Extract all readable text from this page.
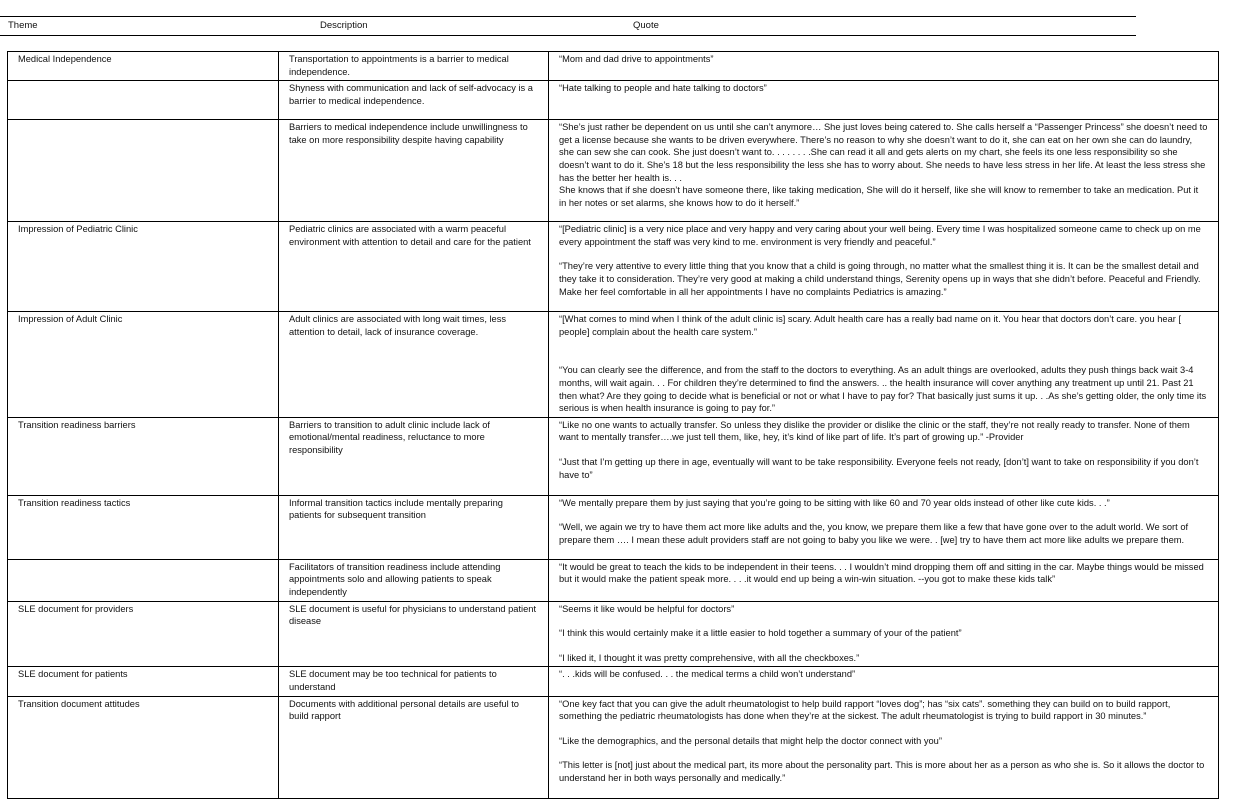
Theme	Description	Quote
Medical Independence	Transportation to appointments is a barrier to medical independence.	“Mom and dad drive to appointments”

	Shyness with communication and lack of self-advocacy is a barrier to medical independence.	“Hate talking to people and hate talking to doctors”

	Barriers to medical independence include unwillingness to take on more responsibility despite having capability	“She’s just rather be dependent on us until she can’t anymore… She just loves being catered to. She calls herself a “Passenger Princess” she doesn’t need to get a license because she wants to be driven everywhere. There’s no reason to why she doesn’t want to do it, she can eat on her own she can do laundry, she can sew she can cook. She just doesn’t want to. . . . . . . .She can read it all and gets alerts on my chart, she feels its one less responsibility so she doesn’t want to do it. She’s 18 but the less responsibility the less she has to worry about. She needs to have less stress in her life. At least the less stress she has the better her health is. . .

She knows that if she doesn’t have someone there, like taking medication, She will do it herself, like she will know to remember to take an medication. Put it in her notes or set alarms, she knows how to do it herself.”

Impression of Pediatric Clinic	Pediatric clinics are associated with a warm peaceful environment with attention to detail and care for the patient	“[Pediatric clinic] is a very nice place and very happy and very caring about your well being. Every time I was hospitalized someone came to check up on me every appointment the staff was very kind to me. environment is very friendly and peaceful.”

“They’re very attentive to every little thing that you know that a child is going through, no matter what the smallest thing it is. It can be the smallest detail and they take it to consideration. They’re very good at making a child understand things, Serenity opens up in ways that she didn’t before. Peaceful and Friendly. Make her feel comfortable in all her appointments I have no complaints Pediatrics is amazing.”

Impression of Adult Clinic	Adult clinics are associated with long wait times, less attention to detail, lack of insurance coverage.	“[What comes to mind when I think of the adult clinic is] scary. Adult health care has a really bad name on it. You hear that doctors don’t care. you hear [ people] complain about the health care system.”

“You can clearly see the difference, and from the staff to the doctors to everything. As an adult things are overlooked, adults they push things back wait 3-4 months, will wait again. . . For children they’re determined to find the answers. .. the health insurance will cover anything any treatment up until 21. Past 21 then what? Are they going to decide what is beneficial or not or what I have to pay for? That basically just sums it up. . .As she’s getting older, the only time its serious is when health insurance is going to pay for.”

Transition readiness barriers	Barriers to transition to adult clinic include lack of emotional/mental readiness, reluctance to more responsibility	“Like no one wants to actually transfer. So unless they dislike the provider or dislike the clinic or the staff, they’re not really ready to transfer. None of them want to mentally transfer….we just tell them, like, hey, it’s kind of like part of life. It’s part of growing up.” -Provider

“Just that I’m getting up there in age, eventually will want to be take responsibility. Everyone feels not ready, [don’t] want to take on responsibility if you don’t have to”

Transition readiness tactics	Informal transition tactics include mentally preparing patients for subsequent transition	“We mentally prepare them by just saying that you’re going to be sitting with like 60 and 70 year olds instead of other like cute kids. . .”

“Well, we again we try to have them act more like adults and the, you know, we prepare them like a few that have gone over to the adult world. We sort of prepare them …. I mean these adult providers staff are not going to baby you like we were. . [we] try to have them act more like adults we prepare them.

	Facilitators of transition readiness include attending appointments solo and allowing patients to speak independently	“It would be great to teach the kids to be independent in their teens. . . I wouldn’t mind dropping them off and sitting in the car. Maybe things would be missed but it would make the patient speak more. . . .it would end up being a win-win situation. --you got to make these kids talk”

SLE document for providers	SLE document is useful for physicians to understand patient disease	“Seems it like would be helpful for doctors”

“I think this would certainly make it a little easier to hold together a summary of your of the patient”

“I liked it, I thought it was pretty comprehensive, with all the checkboxes.”

SLE document for patients	SLE document may be too technical for patients to understand	“. . .kids will be confused. . . the medical terms a child won’t understand”

Transition document attitudes	Documents with additional personal details are useful to build rapport	“One key fact that you can give the adult rheumatologist to help build rapport “loves dog”; has “six cats”. something they can build on to build rapport, something the pediatric rheumatologists has done when they’re at the sickest. The adult rheumatologist is trying to build rapport in 30 minutes.”

“Like the demographics, and the personal details that might help the doctor connect with you”

“This letter is [not] just about the medical part, its more about the personality part. This is more about her as a person as who she is. So it allows the doctor to understand her in both ways personally and medically.”
